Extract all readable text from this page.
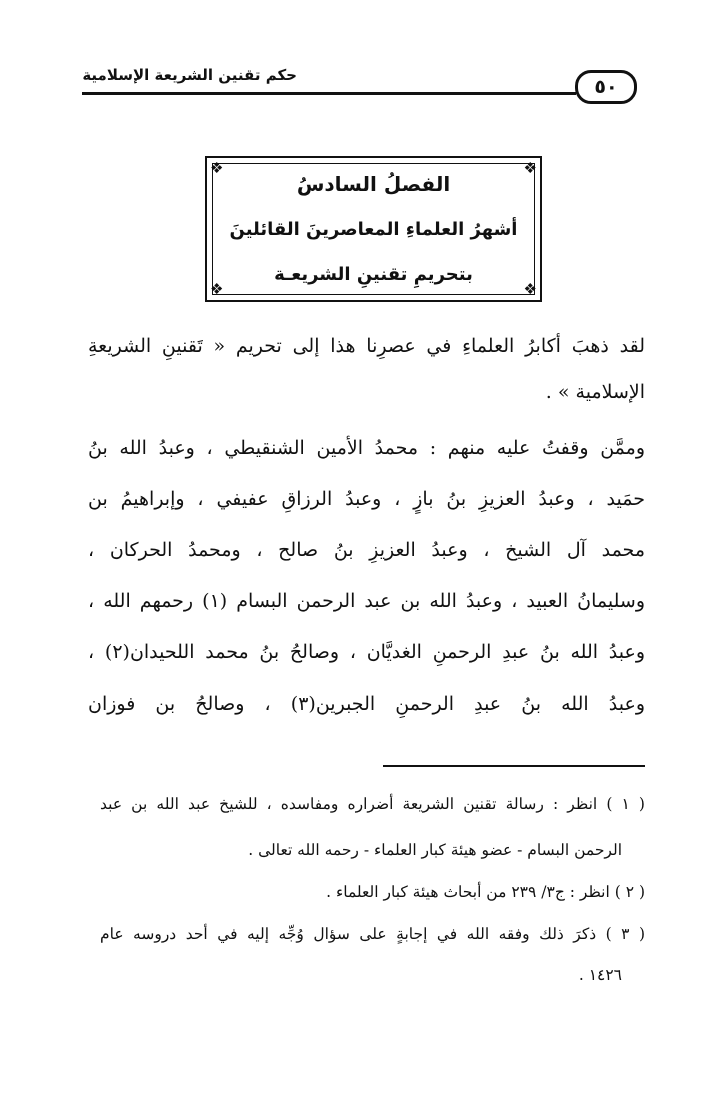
حكم تقنين الشريعة الإسلامية
٥٠
❖	❖
❖	❖
الفصلُ السادسُ
أشهرُ العلماءِ المعاصرينَ القائلينَ
بتحريمِ تقنينِ الشريعـة
لقد ذهبَ أكابرُ العلماءِ في عصرِنا هذا إلى تحريم « تَقنينِ الشريعةِ
الإسلامية » .
وممَّن وقفتُ عليه منهم : محمدُ الأمين الشنقيطي ، وعبدُ الله بنُ
حمَيد ، وعبدُ العزيزِ بنُ بازٍ ، وعبدُ الرزاقِ عفيفي ، وإبراهيمُ بن
محمد آل الشيخ ، وعبدُ العزيزِ بنُ صالح ، ومحمدُ الحركان ،
وسليمانُ العبيد ، وعبدُ الله بن عبد الرحمن البسام (١) رحمهم الله ،
وعبدُ الله بنُ عبدِ الرحمنِ الغديَّان ، وصالحُ بنُ محمد اللحيدان(٢) ،
وعبدُ الله بنُ عبدِ الرحمنِ الجبرين(٣) ، وصالحُ بن فوزان
( ١ ) انظر : رسالة تقنين الشريعة أضراره ومفاسده ، للشيخ عبد الله بن عبد
الرحمن البسام - عضو هيئة كبار العلماء - رحمه الله تعالى .
( ٢ ) انظر : ج٣/ ٢٣٩ من أبحاث هيئة كبار العلماء .
( ٣ ) ذكرَ ذلك وفقه الله في إجابةٍ على سؤال وُجِّه إليه في أحد دروسه عام
١٤٢٦ .
